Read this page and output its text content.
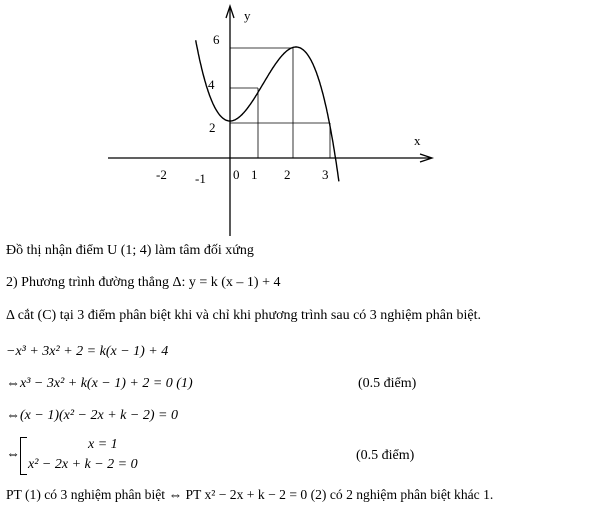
x
y
-2 -1 0 1 2 3
6
4
2
Đồ thị nhận điểm U (1; 4) làm tâm đối xứng
2) Phương trình đường thẳng Δ: y = k (x – 1) + 4
Δ cắt (C) tại 3 điểm phân biệt khi và chỉ khi phương trình sau có 3 nghiệm phân biệt.
−x³ + 3x² + 2 = k(x − 1) + 4
⇔x³ − 3x² + k(x − 1) + 2 = 0 (1)	(0.5 điểm)
⇔(x − 1)(x² − 2x + k − 2) = 0
⇔
x = 1
x² − 2x + k − 2 = 0
(0.5 điểm)
PT (1) có 3 nghiệm phân biệt ⇔ PT x² − 2x + k − 2 = 0 (2) có 2 nghiệm phân biệt khác 1.
